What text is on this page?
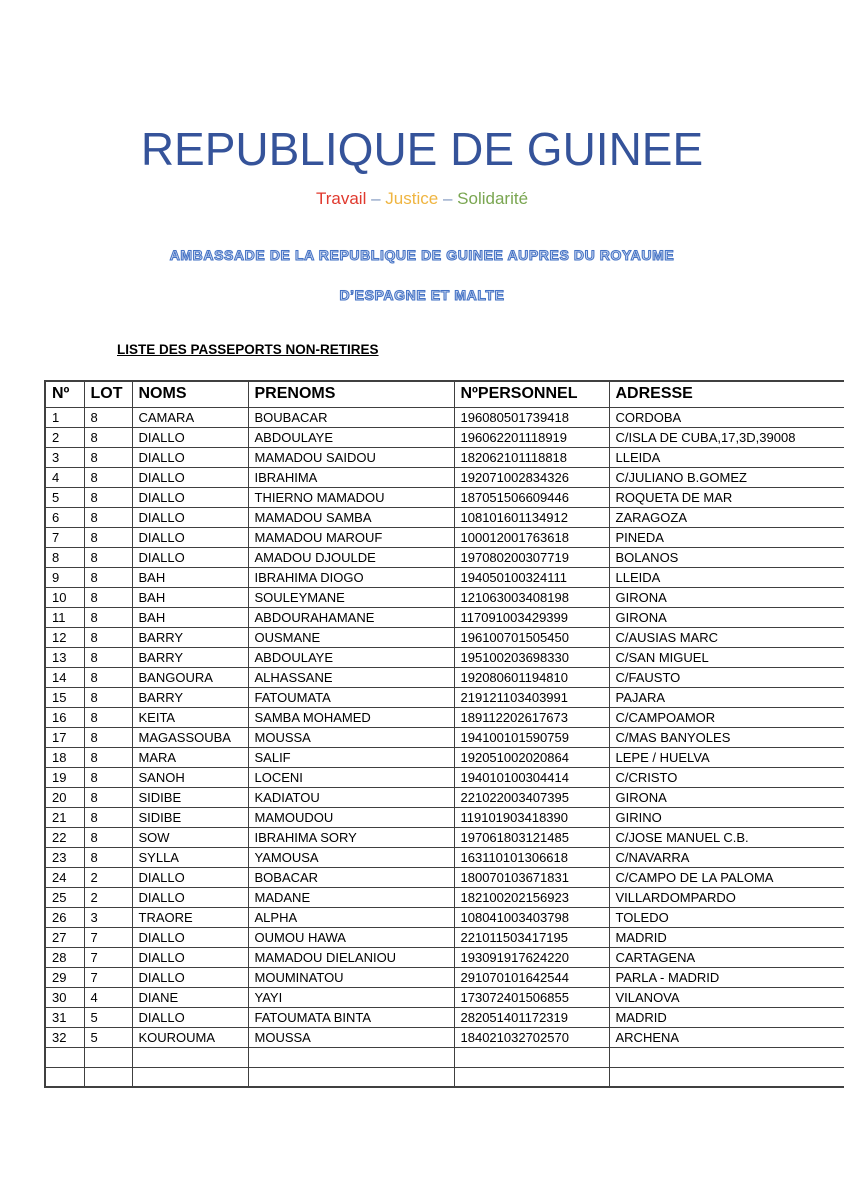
REPUBLIQUE DE GUINEE
Travail – Justice – Solidarité
AMBASSADE DE LA REPUBLIQUE DE GUINEE AUPRES DU ROYAUME
D’ESPAGNE ET MALTE
LISTE DES PASSEPORTS NON-RETIRES
Nº	LOT	NOMS	PRENOMS	NºPERSONNEL	ADRESSE
1	8	CAMARA	BOUBACAR	196080501739418	CORDOBA
2	8	DIALLO	ABDOULAYE	196062201118919	C/ISLA DE CUBA,17,3D,39008
3	8	DIALLO	MAMADOU SAIDOU	182062101118818	LLEIDA
4	8	DIALLO	IBRAHIMA	192071002834326	C/JULIANO B.GOMEZ
5	8	DIALLO	THIERNO MAMADOU	187051506609446	ROQUETA DE MAR
6	8	DIALLO	MAMADOU SAMBA	108101601134912	ZARAGOZA
7	8	DIALLO	MAMADOU MAROUF	100012001763618	PINEDA
8	8	DIALLO	AMADOU DJOULDE	197080200307719	BOLANOS
9	8	BAH	IBRAHIMA DIOGO	194050100324111	LLEIDA
10	8	BAH	SOULEYMANE	121063003408198	GIRONA
11	8	BAH	ABDOURAHAMANE	117091003429399	GIRONA
12	8	BARRY	OUSMANE	196100701505450	C/AUSIAS MARC
13	8	BARRY	ABDOULAYE	195100203698330	C/SAN MIGUEL
14	8	BANGOURA	ALHASSANE	192080601194810	C/FAUSTO
15	8	BARRY	FATOUMATA	219121103403991	PAJARA
16	8	KEITA	SAMBA MOHAMED	189112202617673	C/CAMPOAMOR
17	8	MAGASSOUBA	MOUSSA	194100101590759	C/MAS BANYOLES
18	8	MARA	SALIF	192051002020864	LEPE / HUELVA
19	8	SANOH	LOCENI	194010100304414	C/CRISTO
20	8	SIDIBE	KADIATOU	221022003407395	GIRONA
21	8	SIDIBE	MAMOUDOU	119101903418390	GIRINO
22	8	SOW	IBRAHIMA SORY	197061803121485	C/JOSE MANUEL C.B.
23	8	SYLLA	YAMOUSA	163110101306618	C/NAVARRA
24	2	DIALLO	BOBACAR	180070103671831	C/CAMPO DE LA PALOMA
25	2	DIALLO	MADANE	182100202156923	VILLARDOMPARDO
26	3	TRAORE	ALPHA	108041003403798	TOLEDO
27	7	DIALLO	OUMOU HAWA	221011503417195	MADRID
28	7	DIALLO	MAMADOU DIELANIOU	193091917624220	CARTAGENA
29	7	DIALLO	MOUMINATOU	291070101642544	PARLA - MADRID
30	4	DIANE	YAYI	173072401506855	VILANOVA
31	5	DIALLO	FATOUMATA BINTA	282051401172319	MADRID
32	5	KOUROUMA	MOUSSA	184021032702570	ARCHENA
